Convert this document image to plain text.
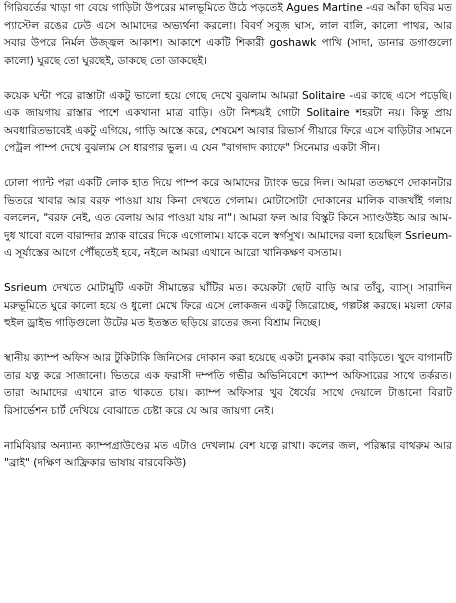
গিরিবর্তের খাড়া গা বেয়ে গাড়িটা উপরের মালভূমিতে উঠে পড়তেই Agues Martine -এর আঁকা ছবির মত প্যাস্টেল রঙের ঢেউ এসে আমাদের অভ্যর্থনা করলো। বিবর্ণ সবুজ ঘাস, লাল বালি, কালো পাথর, আর সবার উপরে নির্মল উজ্জ্বল আকাশ। আকাশে একটি শিকারী goshawk পাখি (সাদা, ডানার ডগাগুলো কালো) ঘুরছে তো ঘুরছেই, ডাকছে তো ডাকছেই।

কয়েক ঘন্টা পরে রাস্তাটা একটু ভালো হয়ে গেছে দেখে বুঝলাম আমরা Solitaire -এর কাছে এসে পড়েছি। এক জায়গায় রাস্তার পাশে একখানা মাত্র বাড়ি। ওটা নিশ্চয়ই গোটা Solitaire শহরটা নয়। কিন্তু প্রায় অবধারিতভাবেই একটু এগিয়ে, গাড়ি আস্তে করে, শেষমেশ আবার রিভার্স গীয়ারে ফিরে এসে বাড়িটার সামনে পেট্রল পাম্প দেখে বুঝলাম সে ধারণার ভুল। এ যেন "বাগদাদ ক্যাফে" সিনেমার একটা সীন।

ঢোলা প্যান্ট পরা একটি লোক হাত দিয়ে পাম্প করে আমাদের ট্যাংক ভরে দিল। আমরা ততক্ষণে দোকানটার ভিতরে খাবার আর বরফ পাওয়া যায় কিনা দেখতে গেলাম। মোটাসোটা দোকানের মালিক বাজখাঁই গলায় বললেন, "বরফ নেই, এত বেলায় আর পাওয়া যায় না"। আমরা ফল আর বিস্কুট কিনে স্যাণ্ডউইচ আর আম-দুধ খাবো বলে বারান্দার স্ন্যাক বারের দিকে এগোলাম। যাকে বলে স্বর্গসুখ। আমাদের বলা হয়েছিল Ssrieum-এ সূর্যাস্তের আগে পৌঁছতেই হবে, নইলে আমরা এখানে আরো খানিকক্ষণ বসতাম।

Ssrieum দেখতে মোটামুটি একটা সীমান্তের ঘাঁটির মত। কয়েকটা ছোট বাড়ি আর তাঁবু, ব্যাস্। সারাদিন মরুভূমিতে ঘুরে কালো হয়ে ও ধুলো মেখে ফিরে এসে লোকজন একটু জিরোচ্ছে, গল্পটপ্প করছে। ময়লা ফোর হুইল ড্রাইভ গাড়িগুলো উটের মত ইতস্তত ছড়িয়ে রাতের জন্য বিশ্রাম নিচ্ছে।

স্থানীয় ক্যাম্প অফিস আর টুকিটাকি জিনিসের দোকান করা হয়েছে একটা চুনকাম করা বাড়িতে। খুদে বাগানটি তার যত্ন করে সাজানো। ভিতরে এক ফরাসী দম্পতি গভীর অভিনিবেশে ক্যাম্প অফিসারের সাথে তর্করত। তারা আমাদের এখানে রাত থাকতে চায়। ক্যাম্প অফিসার খুব ধৈর্যের সাথে দেয়ালে টাঙানো বিরাট রিসার্ভেশন চার্ট দেখিয়ে বোঝাতে চেষ্টা করে যে আর জায়গা নেই।

নামিবিয়ার অন্যান্য ক্যাম্পগ্রাউণ্ডের মত এটাও দেখলাম বেশ যত্নে রাখা। কলের জল, পরিষ্কার বাথরুম আর "ব্রাই" (দক্ষিণ আফ্রিকার ভাষায় বারবেকিউ)
